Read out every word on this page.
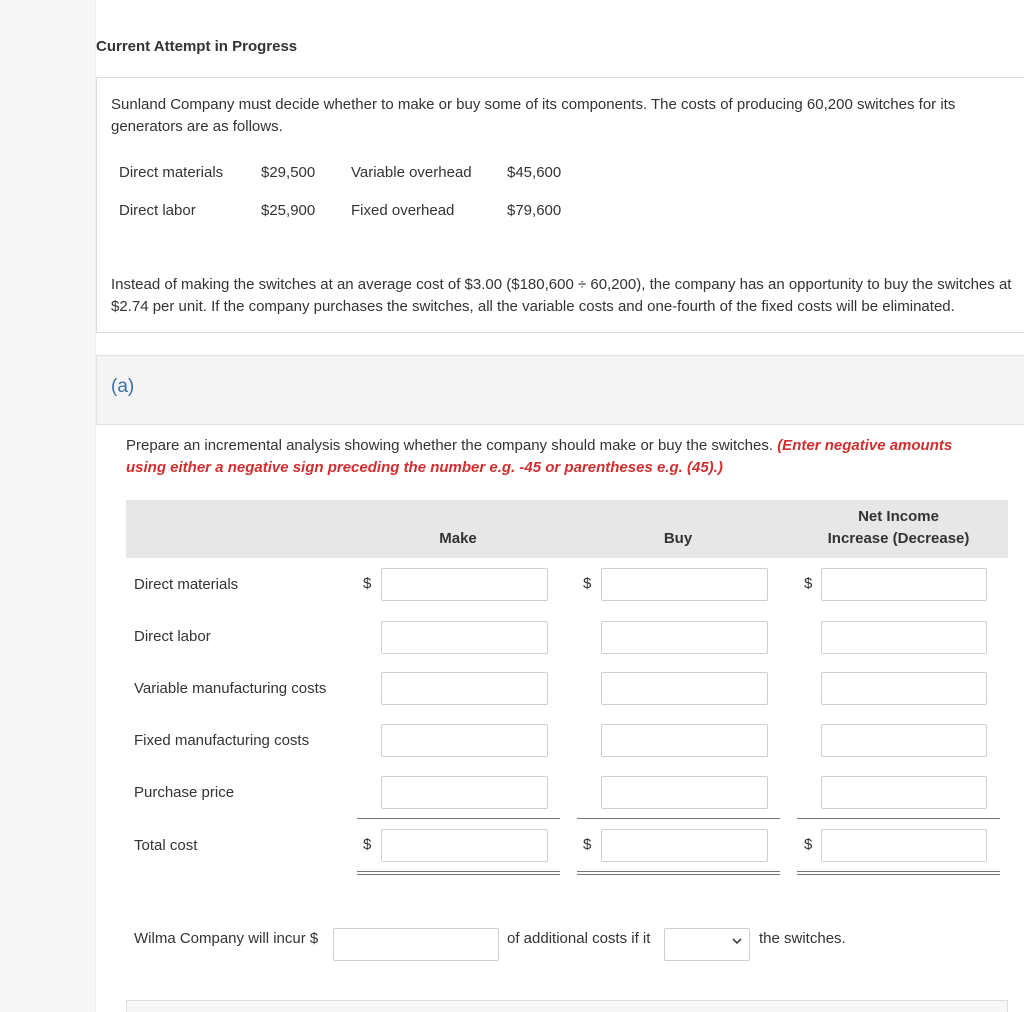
Current Attempt in Progress
Sunland Company must decide whether to make or buy some of its components. The costs of producing 60,200 switches for its generators are as follows.
Direct materials	$29,500 Variable overhead $45,600
Direct labor	$25,900 Fixed overhead	$79,600
Instead of making the switches at an average cost of $3.00 ($180,600 ÷ 60,200), the company has an opportunity to buy the switches at $2.74 per unit. If the company purchases the switches, all the variable costs and one-fourth of the fixed costs will be eliminated.
(a)
Prepare an incremental analysis showing whether the company should make or buy the switches. (Enter negative amounts using either a negative sign preceding the number e.g. -45 or parentheses e.g. (45).)
Make	Buy
Net Income
Increase (Decrease)
Direct materials	$	$	$
Direct labor
Variable manufacturing costs
Fixed manufacturing costs
Purchase price
Total cost	$	$	$
Wilma Company will incur $	of additional costs if it	the switches.
